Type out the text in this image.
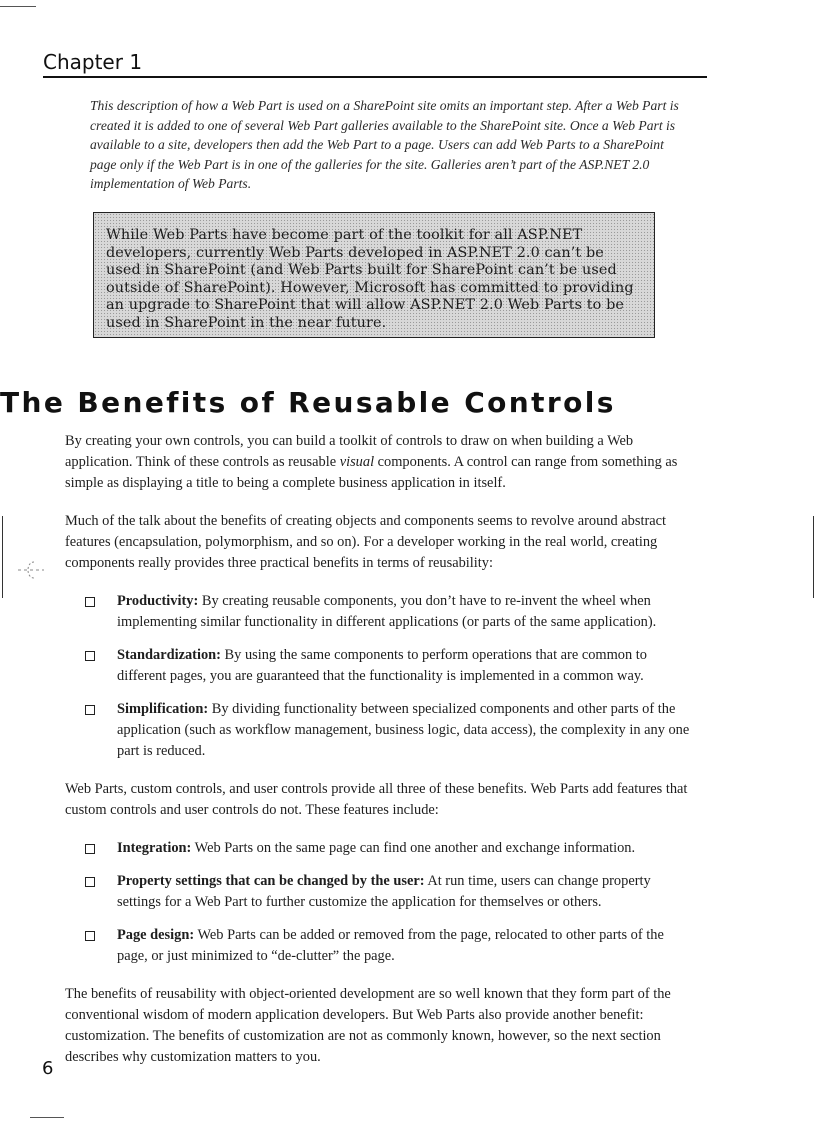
Chapter 1
This description of how a Web Part is used on a SharePoint site omits an important step. After a Web Part is created it is added to one of several Web Part galleries available to the SharePoint site. Once a Web Part is available to a site, developers then add the Web Part to a page. Users can add Web Parts to a SharePoint page only if the Web Part is in one of the galleries for the site. Galleries aren’t part of the ASP.NET 2.0 implementation of Web Parts.
While Web Parts have become part of the toolkit for all ASP.NET developers, currently Web Parts developed in ASP.NET 2.0 can’t be used in SharePoint (and Web Parts built for SharePoint can’t be used outside of SharePoint). However, Microsoft has committed to providing an upgrade to SharePoint that will allow ASP.NET 2.0 Web Parts to be used in SharePoint in the near future.
The Benefits of Reusable Controls

By creating your own controls, you can build a toolkit of controls to draw on when building a Web application. Think of these controls as reusable visual components. A control can range from something as simple as displaying a title to being a complete business application in itself.

Much of the talk about the benefits of creating objects and components seems to revolve around abstract features (encapsulation, polymorphism, and so on). For a developer working in the real world, creating components really provides three practical benefits in terms of reusability:

Productivity: By creating reusable components, you don’t have to re-invent the wheel when implementing similar functionality in different applications (or parts of the same application).
Standardization: By using the same components to perform operations that are common to different pages, you are guaranteed that the functionality is implemented in a common way.
Simplification: By dividing functionality between specialized components and other parts of the application (such as workflow management, business logic, data access), the complexity in any one part is reduced.

Web Parts, custom controls, and user controls provide all three of these benefits. Web Parts add features that custom controls and user controls do not. These features include:

Integration: Web Parts on the same page can find one another and exchange information.
Property settings that can be changed by the user: At run time, users can change property settings for a Web Part to further customize the application for themselves or others.
Page design: Web Parts can be added or removed from the page, relocated to other parts of the page, or just minimized to “de-clutter” the page.

The benefits of reusability with object-oriented development are so well known that they form part of the conventional wisdom of modern application developers. But Web Parts also provide another benefit: customization. The benefits of customization are not as commonly known, however, so the next section describes why customization matters to you.

6
